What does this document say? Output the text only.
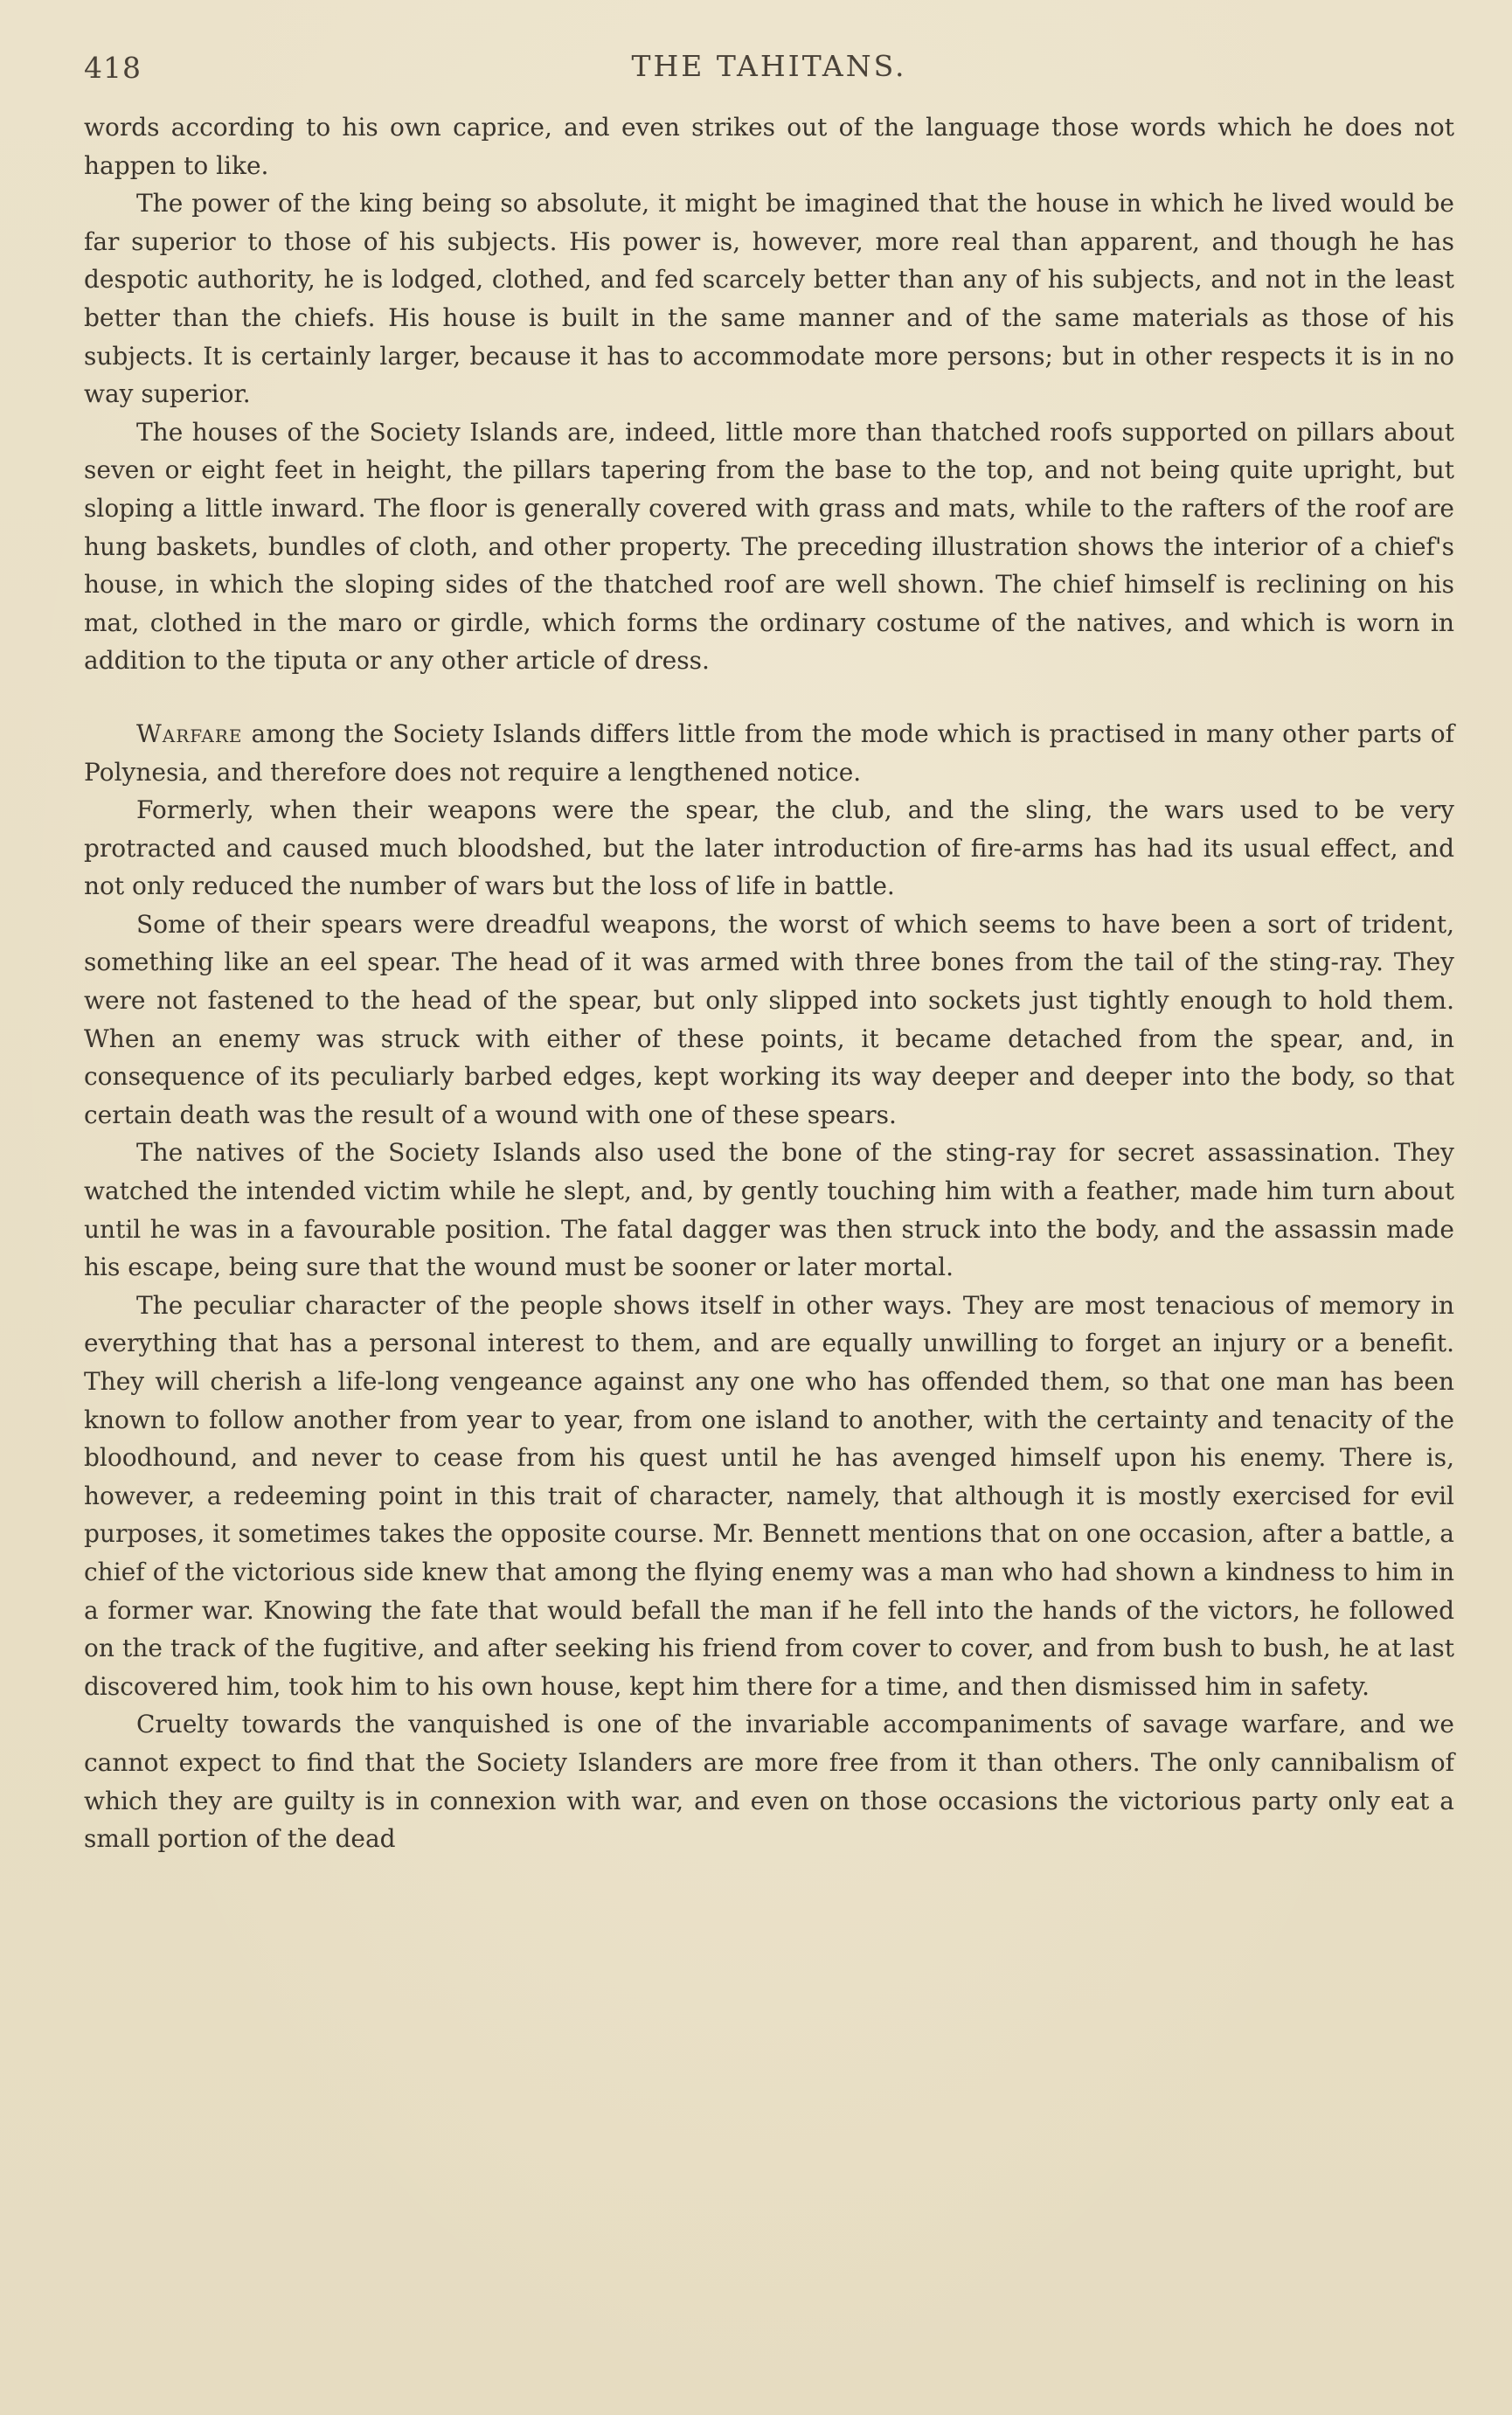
418	THE TAHITANS.

words according to his own caprice, and even strikes out of the language those words which he does not happen to like.

The power of the king being so absolute, it might be imagined that the house in which he lived would be far superior to those of his subjects. His power is, however, more real than apparent, and though he has despotic authority, he is lodged, clothed, and fed scarcely better than any of his subjects, and not in the least better than the chiefs. His house is built in the same manner and of the same materials as those of his subjects. It is certainly larger, because it has to accommodate more persons; but in other respects it is in no way superior.

The houses of the Society Islands are, indeed, little more than thatched roofs supported on pillars about seven or eight feet in height, the pillars tapering from the base to the top, and not being quite upright, but sloping a little inward. The floor is generally covered with grass and mats, while to the rafters of the roof are hung baskets, bundles of cloth, and other property. The preceding illustration shows the interior of a chief's house, in which the sloping sides of the thatched roof are well shown. The chief himself is reclining on his mat, clothed in the maro or girdle, which forms the ordinary costume of the natives, and which is worn in addition to the tiputa or any other article of dress.

Warfare among the Society Islands differs little from the mode which is practised in many other parts of Polynesia, and therefore does not require a lengthened notice.

Formerly, when their weapons were the spear, the club, and the sling, the wars used to be very protracted and caused much bloodshed, but the later introduction of fire-arms has had its usual effect, and not only reduced the number of wars but the loss of life in battle.

Some of their spears were dreadful weapons, the worst of which seems to have been a sort of trident, something like an eel spear. The head of it was armed with three bones from the tail of the sting-ray. They were not fastened to the head of the spear, but only slipped into sockets just tightly enough to hold them. When an enemy was struck with either of these points, it became detached from the spear, and, in consequence of its peculiarly barbed edges, kept working its way deeper and deeper into the body, so that certain death was the result of a wound with one of these spears.

The natives of the Society Islands also used the bone of the sting-ray for secret assassination. They watched the intended victim while he slept, and, by gently touching him with a feather, made him turn about until he was in a favourable position. The fatal dagger was then struck into the body, and the assassin made his escape, being sure that the wound must be sooner or later mortal.

The peculiar character of the people shows itself in other ways. They are most tenacious of memory in everything that has a personal interest to them, and are equally unwilling to forget an injury or a benefit. They will cherish a life-long vengeance against any one who has offended them, so that one man has been known to follow another from year to year, from one island to another, with the certainty and tenacity of the bloodhound, and never to cease from his quest until he has avenged himself upon his enemy. There is, however, a redeeming point in this trait of character, namely, that although it is mostly exercised for evil purposes, it sometimes takes the opposite course. Mr. Bennett mentions that on one occasion, after a battle, a chief of the victorious side knew that among the flying enemy was a man who had shown a kindness to him in a former war. Knowing the fate that would befall the man if he fell into the hands of the victors, he followed on the track of the fugitive, and after seeking his friend from cover to cover, and from bush to bush, he at last discovered him, took him to his own house, kept him there for a time, and then dismissed him in safety.

Cruelty towards the vanquished is one of the invariable accompaniments of savage warfare, and we cannot expect to find that the Society Islanders are more free from it than others. The only cannibalism of which they are guilty is in connexion with war, and even on those occasions the victorious party only eat a small portion of the dead
